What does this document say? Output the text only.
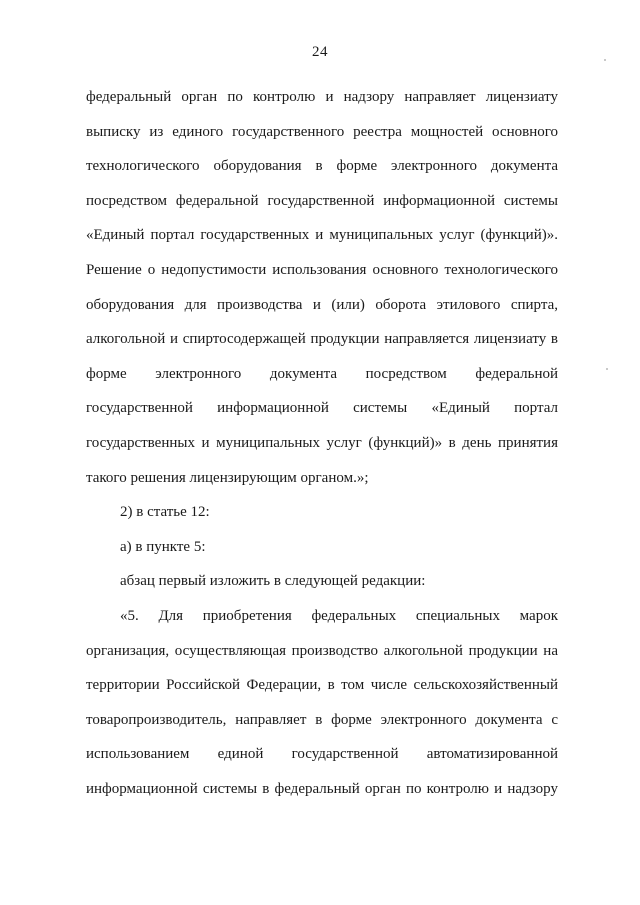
24
федеральный орган по контролю и надзору направляет лицензиату
выписку из единого государственного реестра мощностей основного
технологического оборудования в форме электронного документа
посредством федеральной государственной информационной системы
«Единый портал государственных и муниципальных услуг (функций)».
Решение о недопустимости использования основного технологического
оборудования для производства и (или) оборота этилового спирта,
алкогольной и спиртосодержащей продукции направляется лицензиату в
форме электронного документа посредством федеральной
государственной информационной системы «Единый портал
государственных и муниципальных услуг (функций)» в день принятия
такого решения лицензирующим органом.»;
2) в статье 12:
а) в пункте 5:
абзац первый изложить в следующей редакции:
«5. Для приобретения федеральных специальных марок
организация, осуществляющая производство алкогольной продукции на
территории Российской Федерации, в том числе сельскохозяйственный
товаропроизводитель, направляет в форме электронного документа с
использованием единой государственной автоматизированной
информационной системы в федеральный орган по контролю и надзору
